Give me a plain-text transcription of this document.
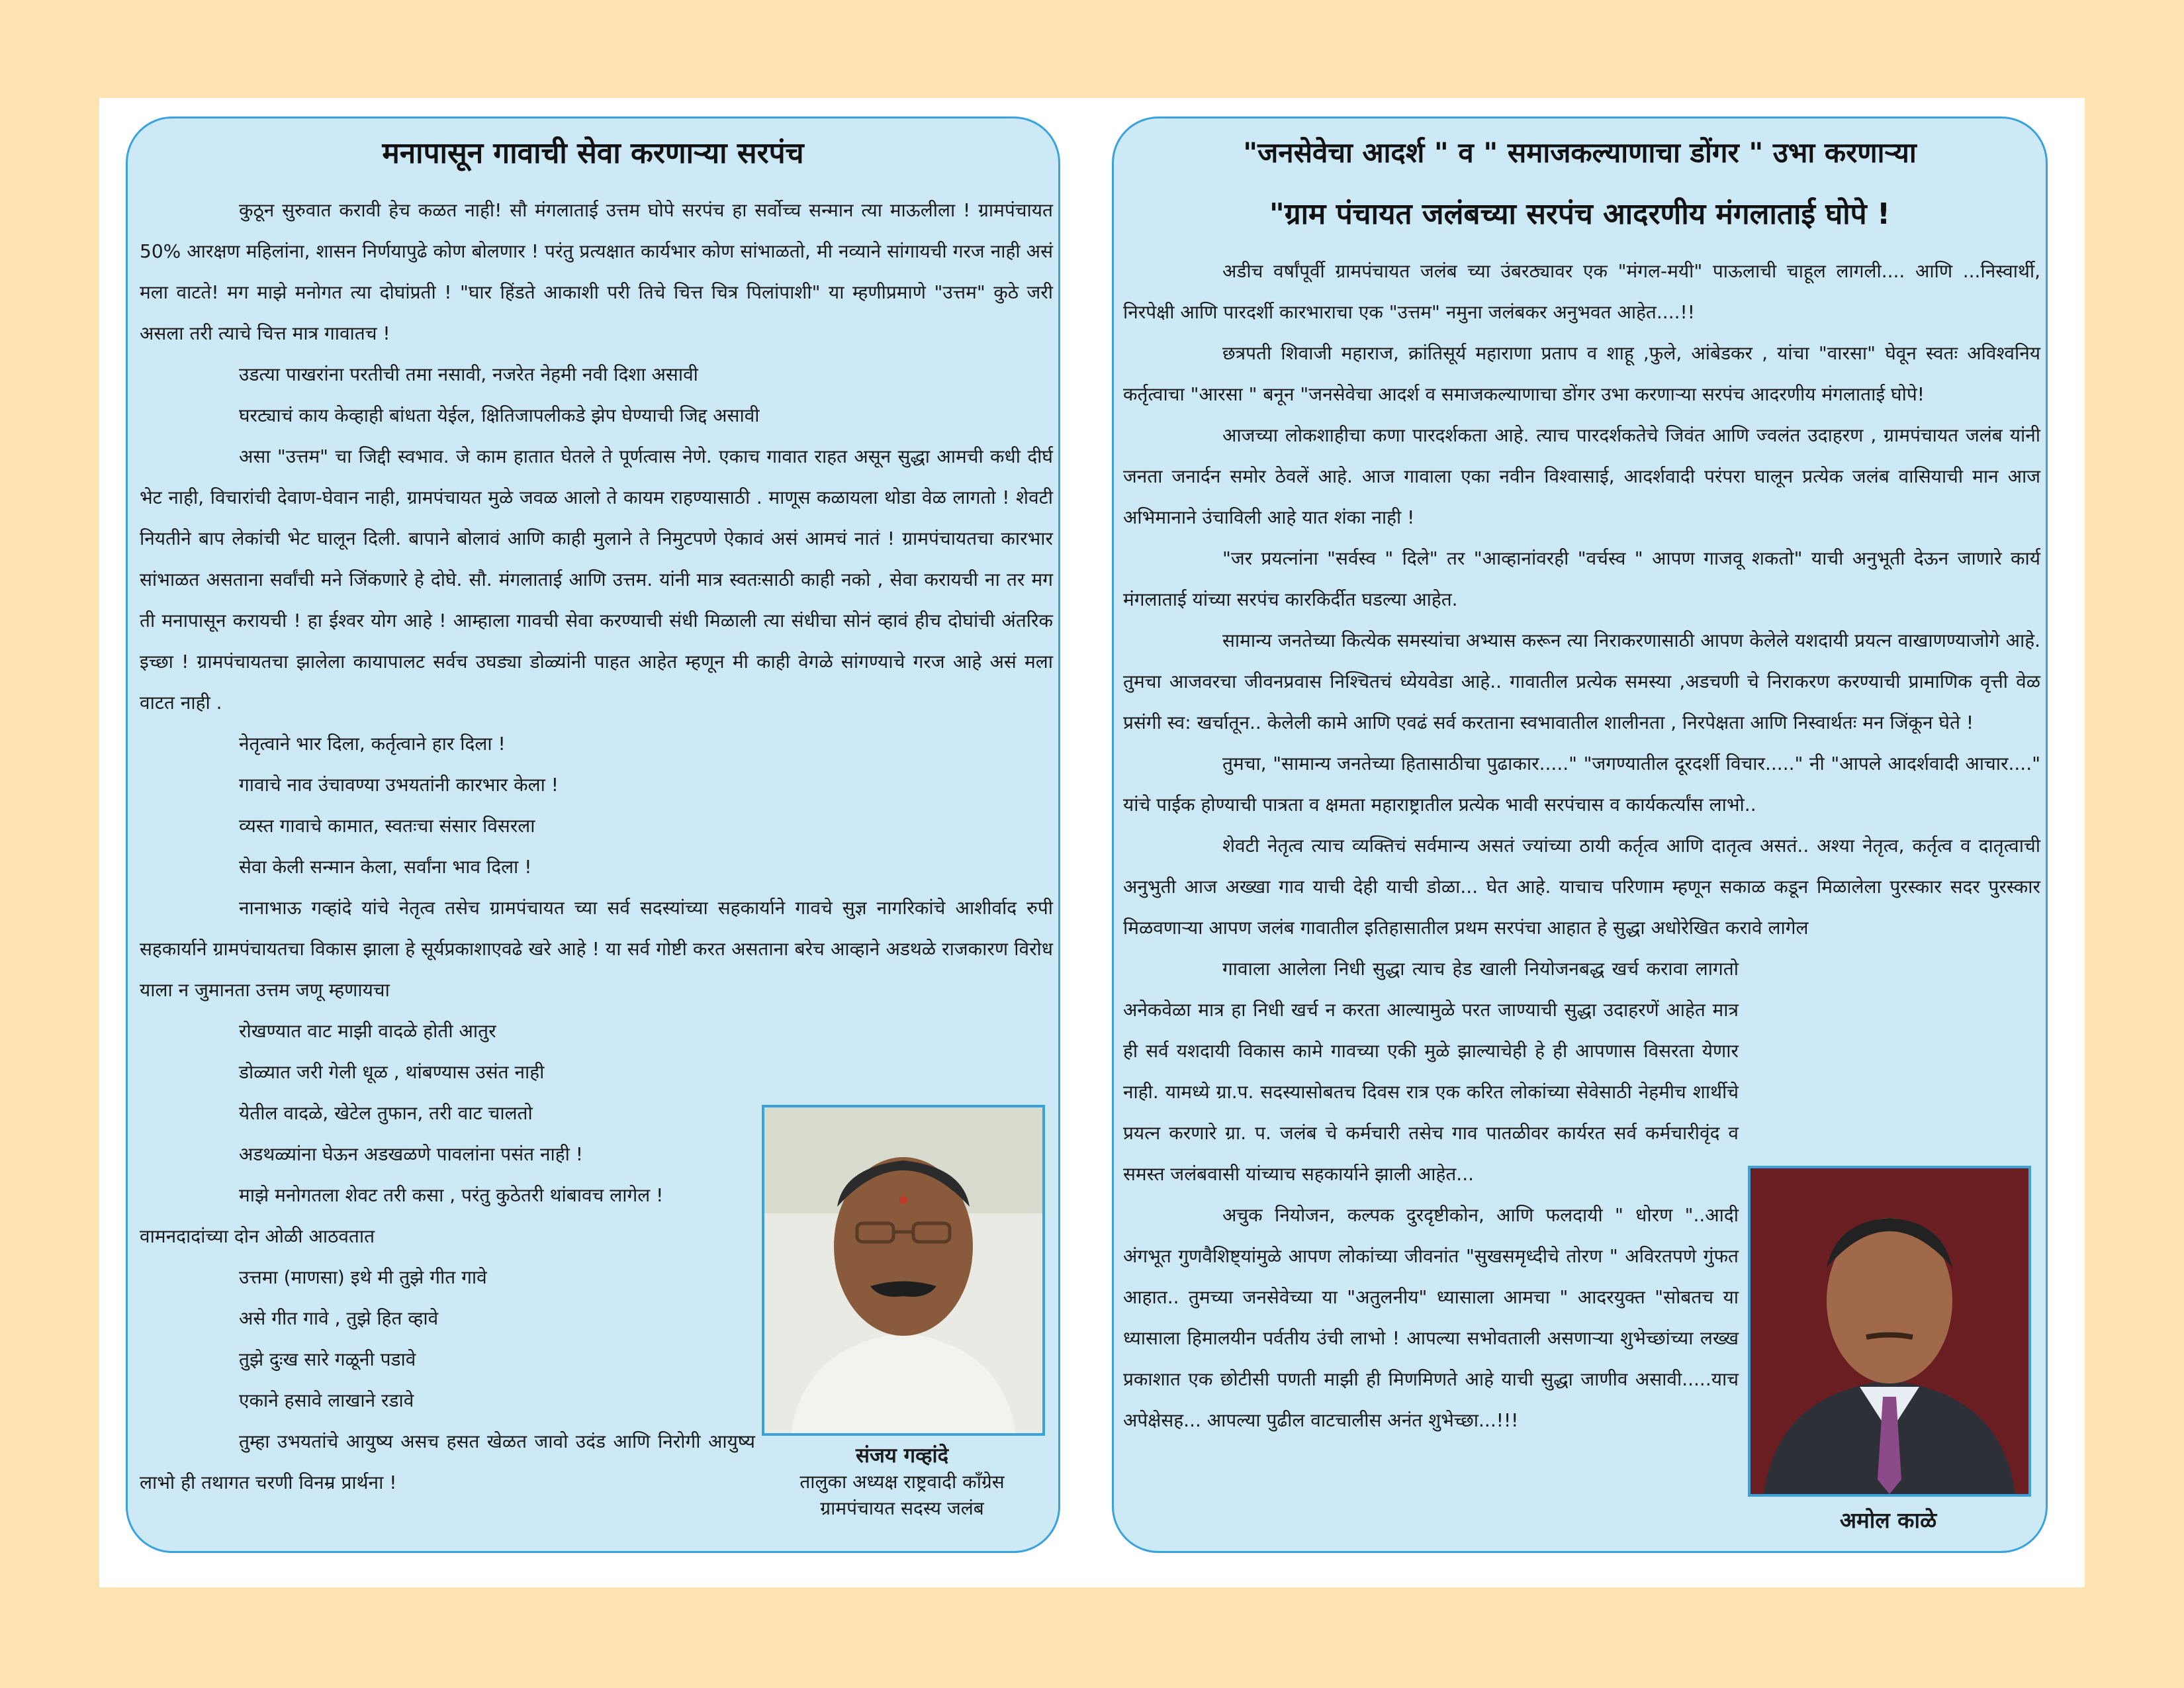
मनापासून गावाची सेवा करणाऱ्या सरपंच

कुठून सुरुवात करावी हेच कळत नाही! सौ मंगलाताई उत्तम घोपे सरपंच हा सर्वोच्च सन्मान त्या माऊलीला ! ग्रामपंचायत 50% आरक्षण महिलांना, शासन निर्णयापुढे कोण बोलणार ! परंतु प्रत्यक्षात कार्यभार कोण सांभाळतो, मी नव्याने सांगायची गरज नाही असं मला वाटते! मग माझे मनोगत त्या दोघांप्रती ! "घार हिंडते आकाशी परी तिचे चित्त चित्र पिलांपाशी" या म्हणीप्रमाणे "उत्तम" कुठे जरी असला तरी त्याचे चित्त मात्र गावातच !

उडत्या पाखरांना परतीची तमा नसावी, नजरेत नेहमी नवी दिशा असावी

घरट्याचं काय केव्हाही बांधता येईल, क्षितिजापलीकडे झेप घेण्याची जिद्द असावी

असा "उत्तम" चा जिद्दी स्वभाव. जे काम हातात घेतले ते पूर्णत्वास नेणे. एकाच गावात राहत असून सुद्धा आमची कधी दीर्घ भेट नाही, विचारांची देवाण-घेवान नाही, ग्रामपंचायत मुळे जवळ आलो ते कायम राहण्यासाठी . माणूस कळायला थोडा वेळ लागतो ! शेवटी नियतीने बाप लेकांची भेट घालून दिली. बापाने बोलावं आणि काही मुलाने ते निमुटपणे ऐकावं असं आमचं नातं ! ग्रामपंचायतचा कारभार सांभाळत असताना सर्वांची मने जिंकणारे हे दोघे. सौ. मंगलाताई आणि उत्तम. यांनी मात्र स्वतःसाठी काही नको , सेवा करायची ना तर मग ती मनापासून करायची ! हा ईश्वर योग आहे ! आम्हाला गावची सेवा करण्याची संधी मिळाली त्या संधीचा सोनं व्हावं हीच दोघांची अंतरिक इच्छा ! ग्रामपंचायतचा झालेला कायापालट सर्वच उघड्या डोळ्यांनी पाहत आहेत म्हणून मी काही वेगळे सांगण्याचे गरज आहे असं मला वाटत नाही .

नेतृत्वाने भार दिला, कर्तृत्वाने हार दिला !

गावाचे नाव उंचावण्या उभयतांनी कारभार केला !

व्यस्त गावाचे कामात, स्वतःचा संसार विसरला

सेवा केली सन्मान केला, सर्वांना भाव दिला !

नानाभाऊ गव्हांदे यांचे नेतृत्व तसेच ग्रामपंचायत च्या सर्व सदस्यांच्या सहकार्याने गावचे सुज्ञ नागरिकांचे आशीर्वाद रुपी सहकार्याने ग्रामपंचायतचा विकास झाला हे सूर्यप्रकाशाएवढे खरे आहे ! या सर्व गोष्टी करत असताना बरेच आव्हाने अडथळे राजकारण विरोध याला न जुमानता उत्तम जणू म्हणायचा

रोखण्यात वाट माझी वादळे होती आतुर

डोळ्यात जरी गेली धूळ , थांबण्यास उसंत नाही

येतील वादळे, खेटेल तुफान, तरी वाट चालतो

अडथळ्यांना घेऊन अडखळणे पावलांना पसंत नाही !

माझे मनोगतला शेवट तरी कसा , परंतु कुठेतरी थांबावच लागेल !

वामनदादांच्या दोन ओळी आठवतात

उत्तमा (माणसा) इथे मी तुझे गीत गावे

असे गीत गावे , तुझे हित व्हावे

तुझे दुःख सारे गळूनी पडावे

एकाने हसावे लाखाने रडावे

तुम्हा उभयतांचे आयुष्य असच हसत खेळत जावो उदंड आणि निरोगी आयुष्य लाभो ही तथागत चरणी विनम्र प्रार्थना !

संजय गव्हांदे
तालुका अध्यक्ष राष्ट्रवादी काँग्रेस
ग्रामपंचायत सदस्य जलंब
"जनसेवेचा आदर्श " व " समाजकल्याणाचा डोंगर " उभा करणाऱ्या
"ग्राम पंचायत जलंबच्या सरपंच आदरणीय मंगलाताई घोपे !

अडीच वर्षांपूर्वी ग्रामपंचायत जलंब च्या उंबरठ्यावर एक "मंगल-मयी" पाऊलाची चाहूल लागली.... आणि ...निस्वार्थी, निरपेक्षी आणि पारदर्शी कारभाराचा एक "उत्तम" नमुना जलंबकर अनुभवत आहेत....!!

छत्रपती शिवाजी महाराज, क्रांतिसूर्य महाराणा प्रताप व शाहू ,फुले, आंबेडकर , यांचा "वारसा" घेवून स्वतः अविश्वनिय कर्तृत्वाचा "आरसा " बनून "जनसेवेचा आदर्श व समाजकल्याणाचा डोंगर उभा करणाऱ्या सरपंच आदरणीय मंगलाताई घोपे!

आजच्या लोकशाहीचा कणा पारदर्शकता आहे. त्याच पारदर्शकतेचे जिवंत आणि ज्वलंत उदाहरण , ग्रामपंचायत जलंब यांनी जनता जनार्दन समोर ठेवलें आहे. आज गावाला एका नवीन विश्वासाई, आदर्शवादी परंपरा घालून प्रत्येक जलंब वासियाची मान आज अभिमानाने उंचाविली आहे यात शंका नाही !

"जर प्रयत्नांना "सर्वस्व " दिले" तर "आव्हानांवरही "वर्चस्व " आपण गाजवू शकतो" याची अनुभूती देऊन जाणारे कार्य मंगलाताई यांच्या सरपंच कारकिर्दीत घडल्या आहेत.

सामान्य जनतेच्या कित्येक समस्यांचा अभ्यास करून त्या निराकरणासाठी आपण केलेले यशदायी प्रयत्न वाखाणण्याजोगे आहे. तुमचा आजवरचा जीवनप्रवास निश्चितचं ध्येयवेडा आहे.. गावातील प्रत्येक समस्या ,अडचणी चे निराकरण करण्याची प्रामाणिक वृत्ती वेळ प्रसंगी स्व: खर्चातून.. केलेली कामे आणि एवढं सर्व करताना स्वभावातील शालीनता , निरपेक्षता आणि निस्वार्थतः मन जिंकून घेते !

तुमचा, "सामान्य जनतेच्या हितासाठीचा पुढाकार....." "जगण्यातील दूरदर्शी विचार....." नी "आपले आदर्शवादी आचार...." यांचे पाईक होण्याची पात्रता व क्षमता महाराष्ट्रातील प्रत्येक भावी सरपंचास व कार्यकर्त्यांस लाभो..

शेवटी नेतृत्व त्याच व्यक्तिचं सर्वमान्य असतं ज्यांच्या ठायी कर्तृत्व आणि दातृत्व असतं.. अश्या नेतृत्व, कर्तृत्व व दातृत्वाची अनुभुती आज अख्खा गाव याची देही याची डोळा... घेत आहे. याचाच परिणाम म्हणून सकाळ कडून मिळालेला पुरस्कार सदर पुरस्कार मिळवणाऱ्या आपण जलंब गावातील इतिहासातील प्रथम सरपंचा आहात हे सुद्धा अधोरेखित करावे लागेल

गावाला आलेला निधी सुद्धा त्याच हेड खाली नियोजनबद्ध खर्च करावा लागतो अनेकवेळा मात्र हा निधी खर्च न करता आल्यामुळे परत जाण्याची सुद्धा उदाहरणें आहेत मात्र ही सर्व यशदायी विकास कामे गावच्या एकी मुळे झाल्याचेही हे ही आपणास विसरता येणार नाही. यामध्ये ग्रा.प. सदस्यासोबतच दिवस रात्र एक करित लोकांच्या सेवेसाठी नेहमीच शार्थीचे प्रयत्न करणारे ग्रा. प. जलंब चे कर्मचारी तसेच गाव पातळीवर कार्यरत सर्व कर्मचारीवृंद व समस्त जलंबवासी यांच्याच सहकार्याने झाली आहेत...

अचुक नियोजन, कल्पक दुरदृष्टीकोन, आणि फलदायी " धोरण "..आदी अंगभूत गुणवैशिष्ट्यांमुळे आपण लोकांच्या जीवनांत "सुखसमृध्दीचे तोरण " अविरतपणे गुंफत आहात.. तुमच्या जनसेवेच्या या "अतुलनीय" ध्यासाला आमचा " आदरयुक्त "सोबतच या ध्यासाला हिमालयीन पर्वतीय उंची लाभो ! आपल्या सभोवताली असणाऱ्या शुभेच्छांच्या लख्ख प्रकाशात एक छोटीसी पणती माझी ही मिणमिणते आहे याची सुद्धा जाणीव असावी.....याच अपेक्षेसह... आपल्या पुढील वाटचालीस अनंत शुभेच्छा...!!!

अमोल काळे
